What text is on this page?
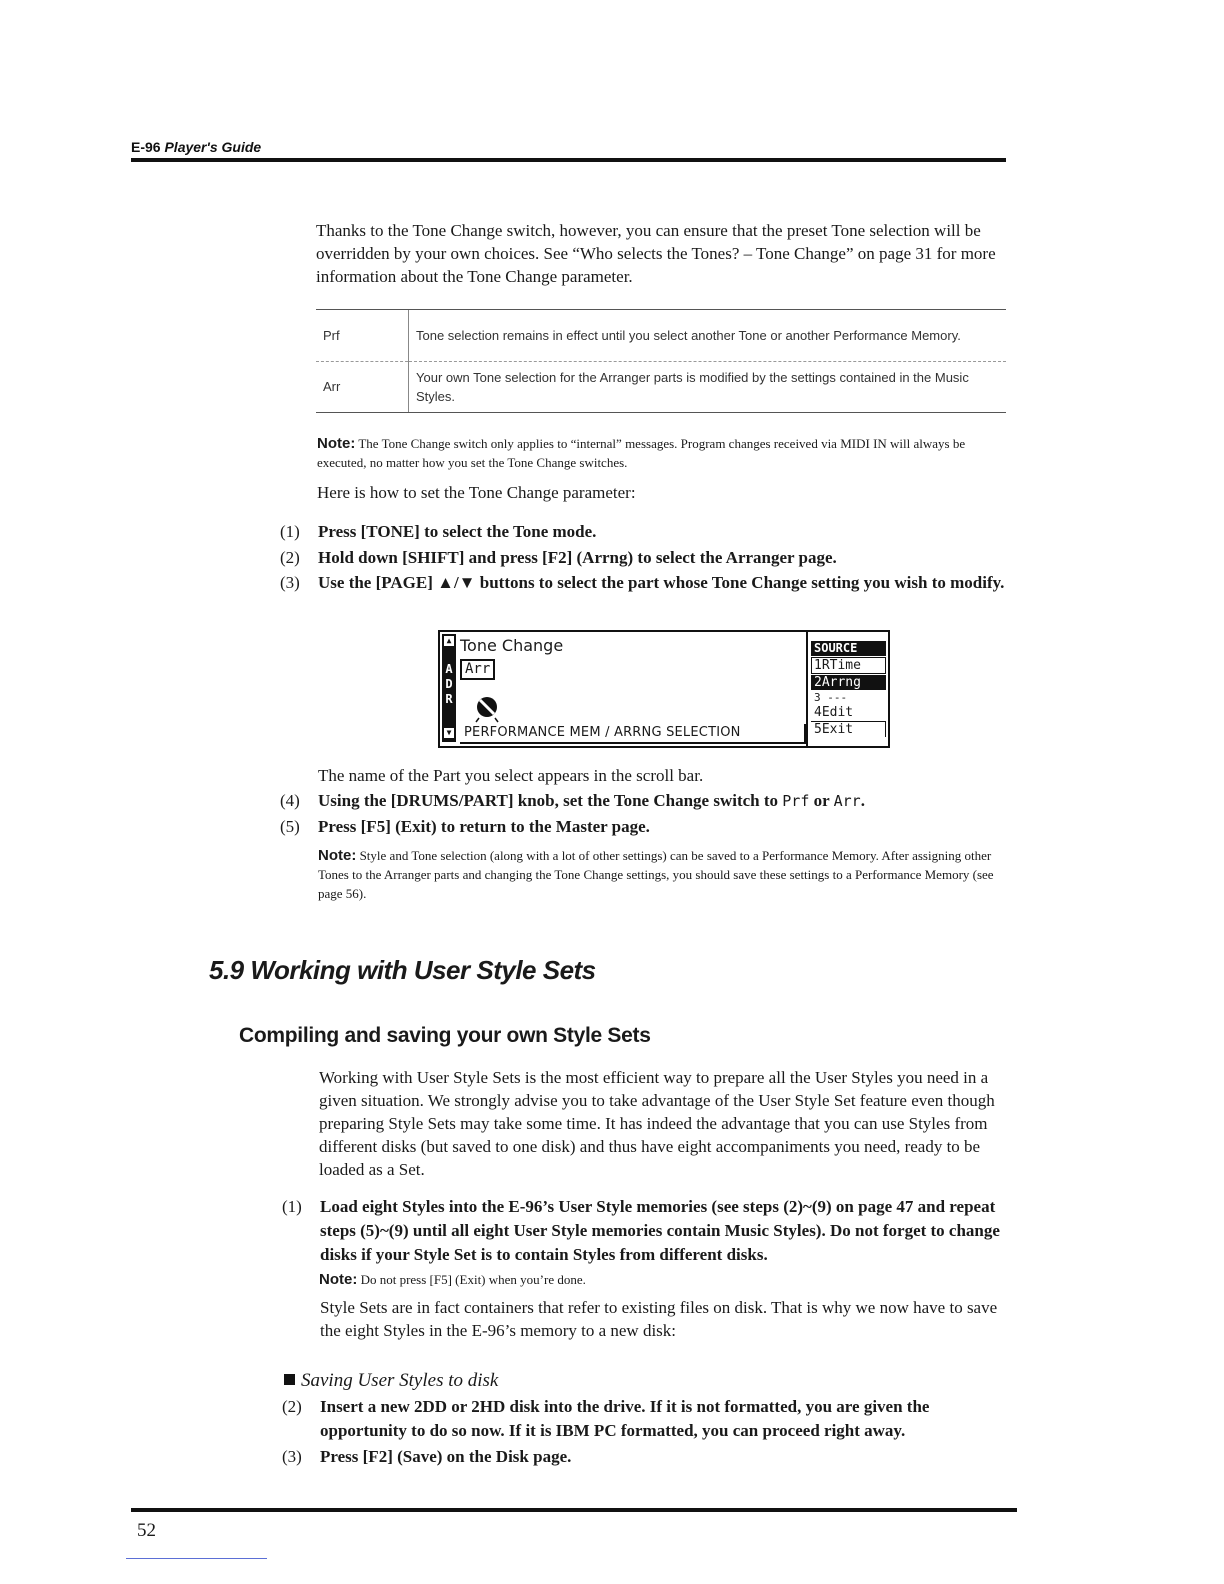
E-96 Player's Guide
Thanks to the Tone Change switch, however, you can ensure that the preset Tone selection will be overridden by your own choices. See “Who selects the Tones? – Tone Change” on page 31 for more information about the Tone Change parameter.
Prf	Tone selection remains in effect until you select another Tone or another Performance Memory.
Arr	Your own Tone selection for the Arranger parts is modified by the settings contained in the Music Styles.
Note: The Tone Change switch only applies to “internal” messages. Program changes received via MIDI IN will always be executed, no matter how you set the Tone Change switches.
Here is how to set the Tone Change parameter:
(1) Press [TONE] to select the Tone mode.
(2) Hold down [SHIFT] and press [F2] (Arrng) to select the Arranger page.
(3) Use the [PAGE] ▲/▼ buttons to select the part whose Tone Change setting you wish to modify.
▲
▼
A
D
R
Tone Change
Arr
PERFORMANCE MEM / ARRNG SELECTION
SOURCE
1RTime
2Arrng
3 ---
4Edit
5Exit
The name of the Part you select appears in the scroll bar.
(4) Using the [DRUMS/PART] knob, set the Tone Change switch to Prf or Arr.
(5) Press [F5] (Exit) to return to the Master page.
Note: Style and Tone selection (along with a lot of other settings) can be saved to a Performance Memory. After assigning other Tones to the Arranger parts and changing the Tone Change settings, you should save these settings to a Performance Memory (see page 56).
5.9 Working with User Style Sets
Compiling and saving your own Style Sets
Working with User Style Sets is the most efficient way to prepare all the User Styles you need in a given situation. We strongly advise you to take advantage of the User Style Set feature even though preparing Style Sets may take some time. It has indeed the advantage that you can use Styles from different disks (but saved to one disk) and thus have eight accompaniments you need, ready to be loaded as a Set.
(1) Load eight Styles into the E-96’s User Style memories (see steps (2)~(9) on page 47 and repeat steps (5)~(9) until all eight User Style memories contain Music Styles). Do not forget to change disks if your Style Set is to contain Styles from different disks.
Note: Do not press [F5] (Exit) when you’re done.
Style Sets are in fact containers that refer to existing files on disk. That is why we now have to save the eight Styles in the E-96’s memory to a new disk:
Saving User Styles to disk
(2) Insert a new 2DD or 2HD disk into the drive. If it is not formatted, you are given the opportunity to do so now. If it is IBM PC formatted, you can proceed right away.
(3) Press [F2] (Save) on the Disk page.
52
